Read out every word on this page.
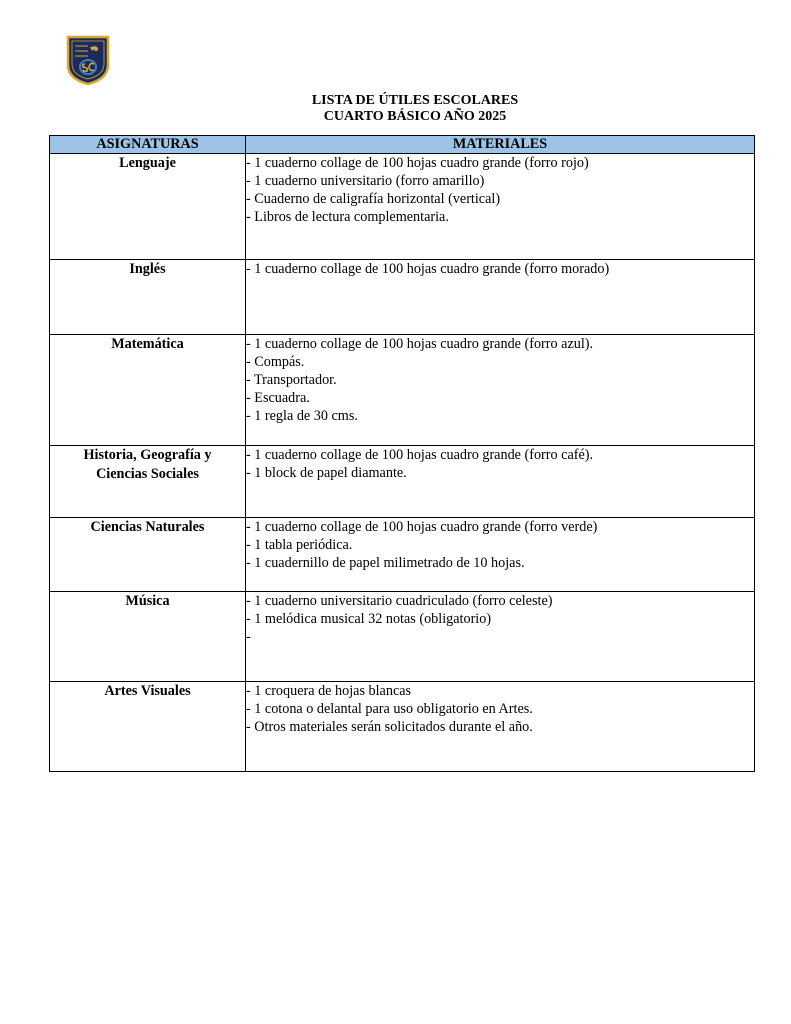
LISTA DE ÚTILES ESCOLARES
CUARTO BÁSICO AÑO 2025
ASIGNATURAS	MATERIALES

Lenguaje	- 1 cuaderno collage de 100 hojas cuadro grande (forro rojo)
- 1 cuaderno universitario (forro amarillo)
- Cuaderno de caligrafía horizontal (vertical)
- Libros de lectura complementaria.

Inglés	- 1 cuaderno collage de 100 hojas cuadro grande (forro morado)

Matemática	- 1 cuaderno collage de 100 hojas cuadro grande (forro azul).
- Compás.
- Transportador.
- Escuadra.
- 1 regla de 30 cms.

Historia, Geografía y
Ciencias Sociales	- 1 cuaderno collage de 100 hojas cuadro grande (forro café).
- 1 block de papel diamante.

Ciencias Naturales	- 1 cuaderno collage de 100 hojas cuadro grande (forro verde)
- 1 tabla periódica.
- 1 cuadernillo de papel milimetrado de 10 hojas.

Música	- 1 cuaderno universitario cuadriculado (forro celeste)
- 1 melódica musical 32 notas (obligatorio)
-

Artes Visuales	- 1 croquera de hojas blancas
- 1 cotona o delantal para uso obligatorio en Artes.
- Otros materiales serán solicitados durante el año.
